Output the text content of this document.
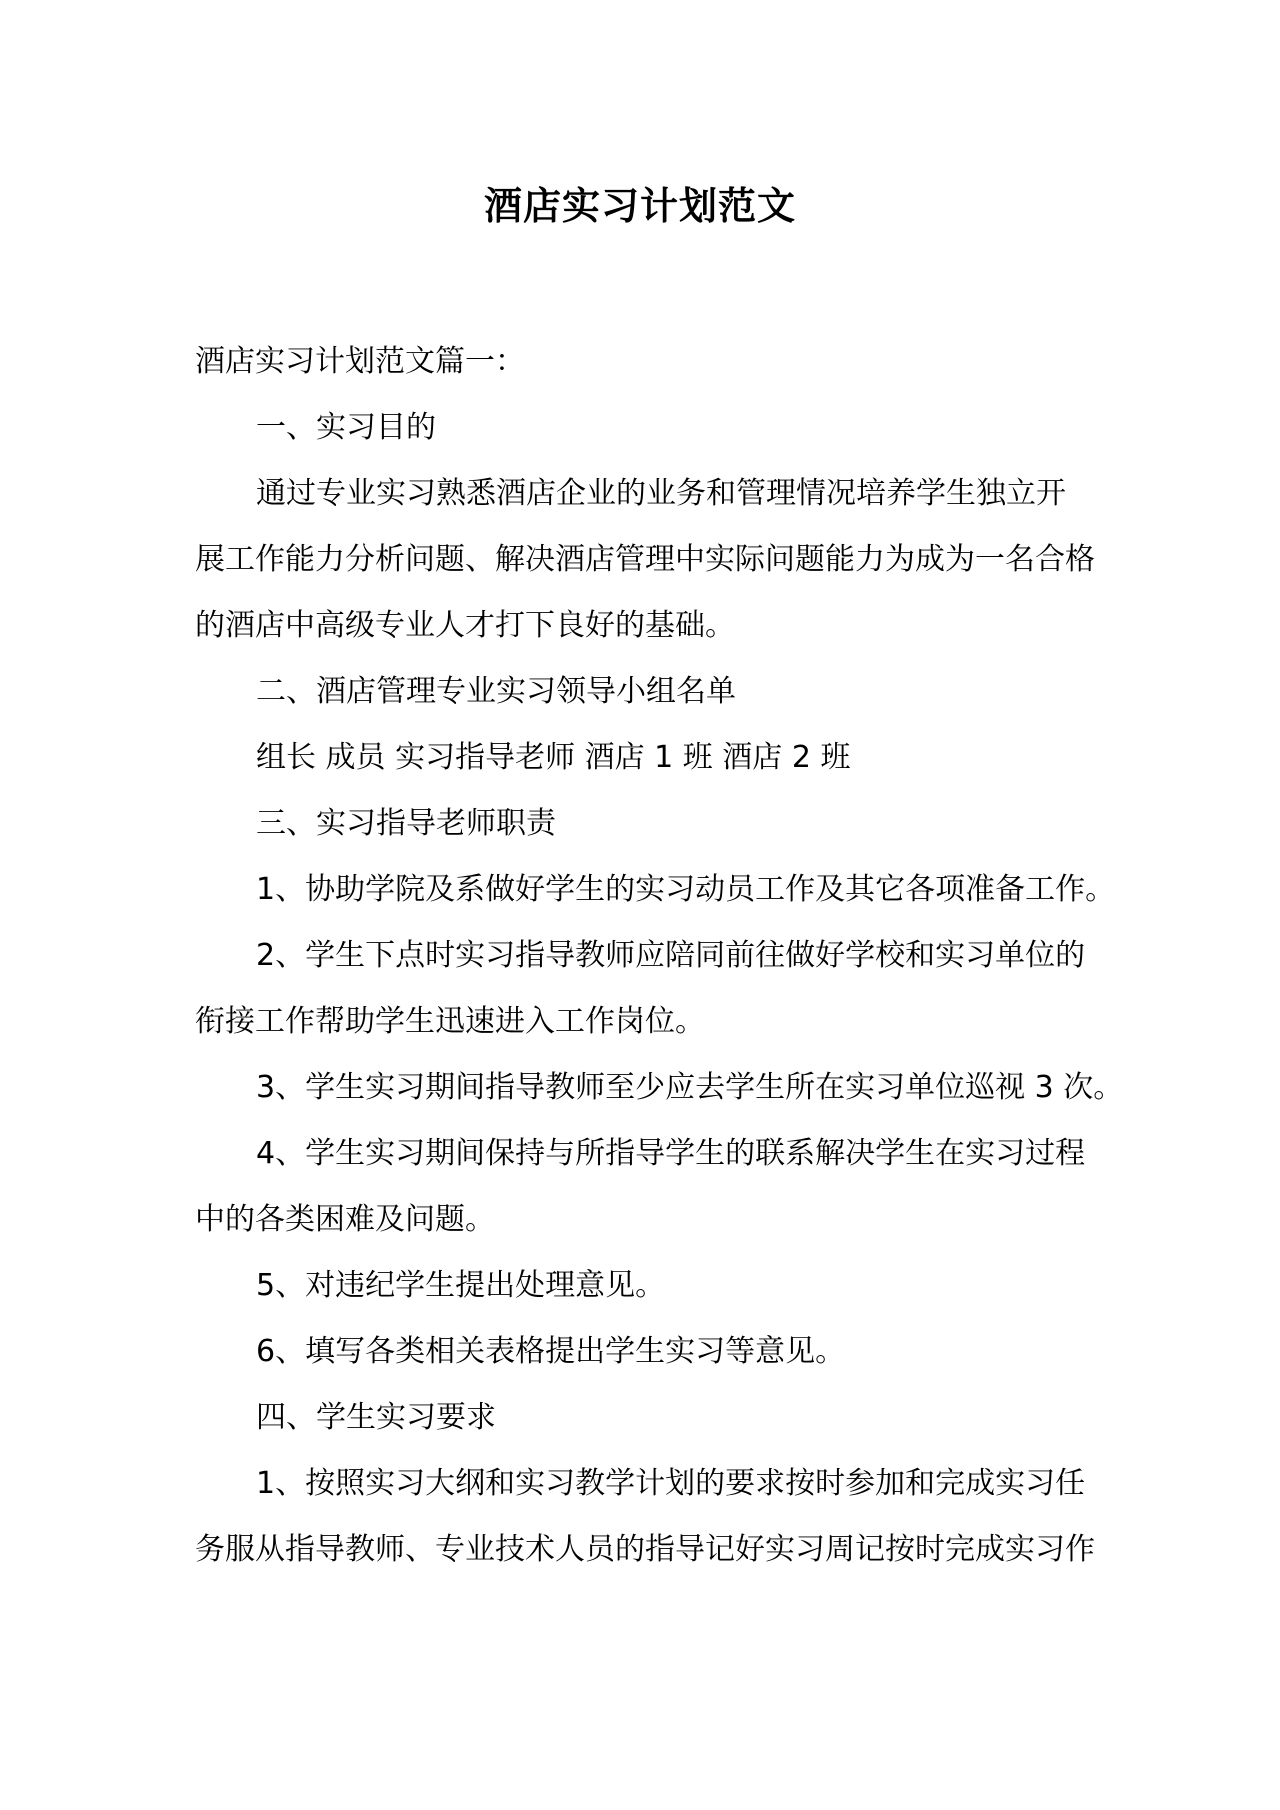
酒店实习计划范文

酒店实习计划范文篇一：

一、实习目的

通过专业实习熟悉酒店企业的业务和管理情况培养学生独立开

展工作能力分析问题、解决酒店管理中实际问题能力为成为一名合格

的酒店中高级专业人才打下良好的基础。

二、酒店管理专业实习领导小组名单

组长 成员 实习指导老师 酒店 1 班 酒店 2 班

三、实习指导老师职责

1、协助学院及系做好学生的实习动员工作及其它各项准备工作。

2、学生下点时实习指导教师应陪同前往做好学校和实习单位的

衔接工作帮助学生迅速进入工作岗位。

3、学生实习期间指导教师至少应去学生所在实习单位巡视 3 次。

4、学生实习期间保持与所指导学生的联系解决学生在实习过程

中的各类困难及问题。

5、对违纪学生提出处理意见。

6、填写各类相关表格提出学生实习等意见。

四、学生实习要求

1、按照实习大纲和实习教学计划的要求按时参加和完成实习任

务服从指导教师、专业技术人员的指导记好实习周记按时完成实习作
